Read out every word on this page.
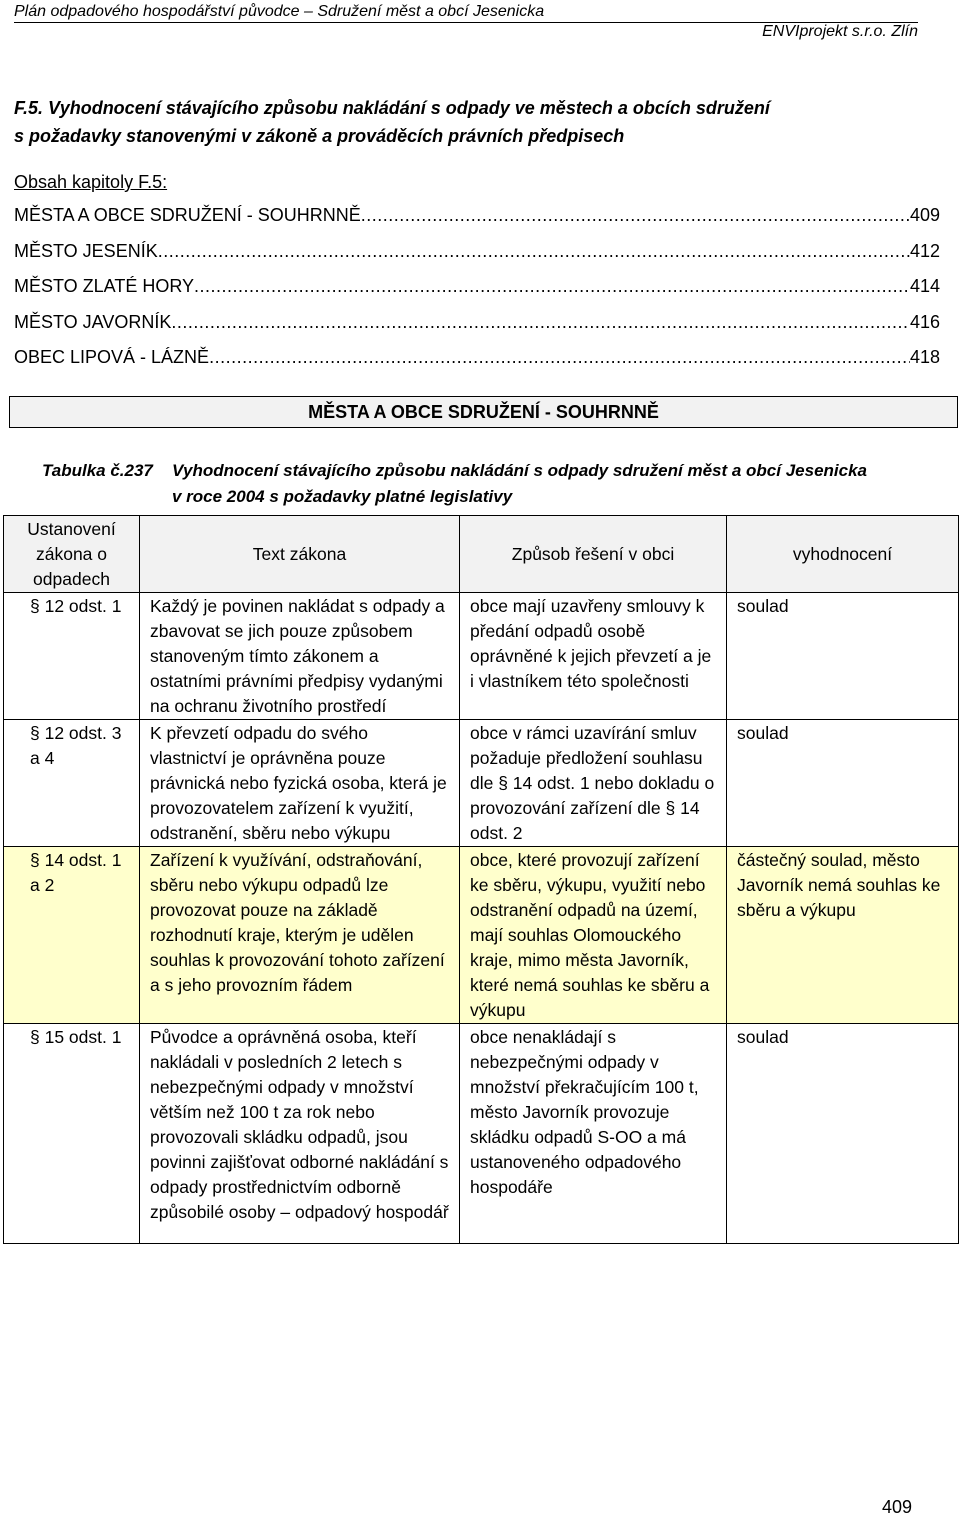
Plán odpadového hospodářství původce – Sdružení měst a obcí Jesenicka
ENVIprojekt s.r.o. Zlín
F.5. Vyhodnocení stávajícího způsobu nakládání s odpady ve městech a obcích sdružení
s požadavky stanovenými v zákoně a prováděcích právních předpisech
Obsah kapitoly F.5:
MĚSTA A OBCE SDRUŽENÍ - SOUHRNNĚ .....	409
MĚSTO JESENÍK .....	412
MĚSTO ZLATÉ HORY .....	414
MĚSTO JAVORNÍK .....	416
OBEC LIPOVÁ - LÁZNĚ .....	418
MĚSTA A OBCE SDRUŽENÍ - SOUHRNNĚ
Tabulka č.237 Vyhodnocení stávajícího způsobu nakládání s odpady sdružení měst a obcí Jesenicka
v roce 2004 s požadavky platné legislativy
Ustanovení zákona o odpadech	Text zákona	Způsob řešení v obci	vyhodnocení
§ 12 odst. 1	Každý je povinen nakládat s odpady a zbavovat se jich pouze způsobem stanoveným tímto zákonem a ostatními právními předpisy vydanými na ochranu životního prostředí	obce mají uzavřeny smlouvy k předání odpadů osobě oprávněné k jejich převzetí a je i vlastníkem této společnosti	soulad
§ 12 odst. 3 a 4	K převzetí odpadu do svého vlastnictví je oprávněna pouze právnická nebo fyzická osoba, která je provozovatelem zařízení k využití, odstranění, sběru nebo výkupu	obce v rámci uzavírání smluv požaduje předložení souhlasu dle § 14 odst. 1 nebo dokladu o provozování zařízení dle § 14 odst. 2	soulad
§ 14 odst. 1 a 2	Zařízení k využívání, odstraňování, sběru nebo výkupu odpadů lze provozovat pouze na základě rozhodnutí kraje, kterým je udělen souhlas k provozování tohoto zařízení a s jeho provozním řádem	obce, které provozují zařízení ke sběru, výkupu, využití nebo odstranění odpadů na území, mají souhlas Olomouckého kraje, mimo města Javorník, které nemá souhlas ke sběru a výkupu	částečný soulad, město Javorník nemá souhlas ke sběru a výkupu
§ 15 odst. 1	Původce a oprávněná osoba, kteří nakládali v posledních 2 letech s nebezpečnými odpady v množství větším než 100 t za rok nebo provozovali skládku odpadů, jsou povinni zajišťovat odborné nakládání s odpady prostřednictvím odborně způsobilé osoby – odpadový hospodář	obce nenakládají s nebezpečnými odpady v množství překračujícím 100 t, město Javorník provozuje skládku odpadů S-OO a má ustanoveného odpadového hospodáře	soulad
409
